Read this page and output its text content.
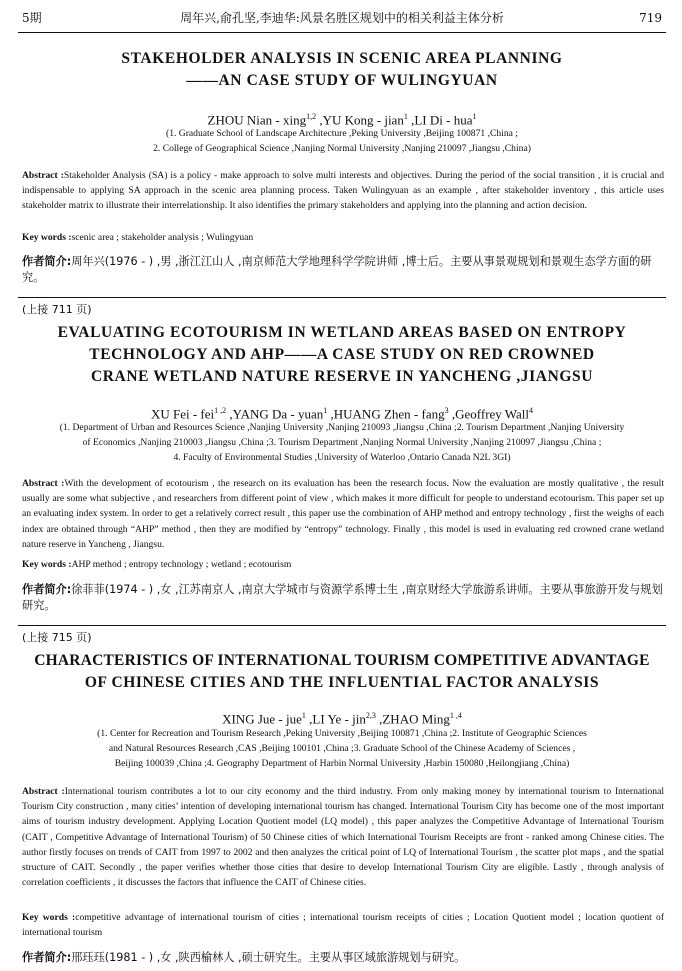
5期	周年兴,俞孔坚,李迪华:风景名胜区规划中的相关利益主体分析	719
STAKEHOLDER ANALYSIS IN SCENIC AREA PLANNING
——AN CASE STUDY OF WULINGYUAN
ZHOU Nian - xing$^{1,2}$ ,YU Kong - jian$^1$ ,LI Di - hua$^1$
(1. Graduate School of Landscape Architecture ,Peking University ,Beijing 100871 ,China ;
2. College of Geographical Science ,Nanjing Normal University ,Nanjing 210097 ,Jiangsu ,China)
Abstract :Stakeholder Analysis (SA) is a policy - make approach to solve multi interests and objectives. During the period of the social transition , it is crucial and indispensable to applying SA approach in the scenic area planning process. Taken Wulingyuan as an example , after stakeholder inventory , this article uses stakeholder matrix to illustrate their interrelationship. It also identifies the primary stakeholders and applying into the planning and action decision.
Key words :scenic area ; stakeholder analysis ; Wulingyuan
作者简介:周年兴(1976 - ) ,男 ,浙江江山人 ,南京师范大学地理科学学院讲师 ,博士后。主要从事景观规划和景观生态学方面的研究。
(上接 711 页)
EVALUATING ECOTOURISM IN WETLAND AREAS BASED ON ENTROPY
TECHNOLOGY AND AHP——A CASE STUDY ON RED CROWNED
CRANE WETLAND NATURE RESERVE IN YANCHENG ,JIANGSU
XU Fei - fei$^{1 ,2}$ ,YANG Da - yuan$^1$ ,HUANG Zhen - fang$^3$ ,Geoffrey Wall$^4$
(1. Department of Urban and Resources Science ,Nanjing University ,Nanjing 210093 ,Jiangsu ,China ;2. Tourism Department ,Nanjing University
of Economics ,Nanjing 210003 ,Jiangsu ,China ;3. Tourism Department ,Nanjing Normal University ,Nanjing 210097 ,Jiangsu ,China ;
4. Faculty of Environmental Studies ,University of Waterloo ,Ontario Canada N2L 3GI)
Abstract :With the development of ecotourism , the research on its evaluation has been the research focus. Now the evaluation are mostly qualitative , the result usually are some what subjective , and researchers from different point of view , which makes it more difficult for people to understand ecotourism. This paper set up an evaluating index system. In order to get a relatively correct result , this paper use the combination of AHP method and entropy technology , first the weighs of each index are obtained through “AHP” method , then they are modified by “entropy” technology. Finally , this model is used in evaluating red crowned crane wetland nature reserve in Yancheng , Jiangsu.
Key words :AHP method ; entropy technology ; wetland ; ecotourism
作者简介:徐菲菲(1974 - ) ,女 ,江苏南京人 ,南京大学城市与资源学系博士生 ,南京财经大学旅游系讲师。主要从事旅游开发与规划研究。
(上接 715 页)
CHARACTERISTICS OF INTERNATIONAL TOURISM COMPETITIVE ADVANTAGE
OF CHINESE CITIES AND THE INFLUENTIAL FACTOR ANALYSIS
XING Jue - jue$^1$ ,LI Ye - jin$^{2,3}$ ,ZHAO Ming$^{1 ,4}$
(1. Center for Recreation and Tourism Research ,Peking University ,Beijing 100871 ,China ;2. Institute of Geographic Sciences
and Natural Resources Research ,CAS ,Beijing 100101 ,China ;3. Graduate School of the Chinese Academy of Sciences ,
Beijing 100039 ,China ;4. Geography Department of Harbin Normal University ,Harbin 150080 ,Heilongjiang ,China)
Abstract :International tourism contributes a lot to our city economy and the third industry. From only making money by international tourism to International Tourism City construction , many cities’ intention of developing international tourism has changed. International Tourism City has become one of the most important aims of tourism industry development. Applying Location Quotient model (LQ model) , this paper analyzes the Competitive Advantage of International Tourism (CAIT , Competitive Advantage of International Tourism) of 50 Chinese cities of which International Tourism Receipts are front - ranked among Chinese cities. The author firstly focuses on trends of CAIT from 1997 to 2002 and then analyzes the critical point of LQ of International Tourism , the scatter plot maps , and the spatial structure of CAIT. Secondly , the paper verifies whether those cities that desire to develop International Tourism City are eligible. Lastly , through analysis of correlation coefficients , it discusses the factors that influence the CAIT of Chinese cities.
Key words :competitive advantage of international tourism of cities ; international tourism receipts of cities ; Location Quotient model ; location quotient of international tourism
作者简介:邢珏珏(1981 - ) ,女 ,陕西榆林人 ,硕士研究生。主要从事区域旅游规划与研究。
